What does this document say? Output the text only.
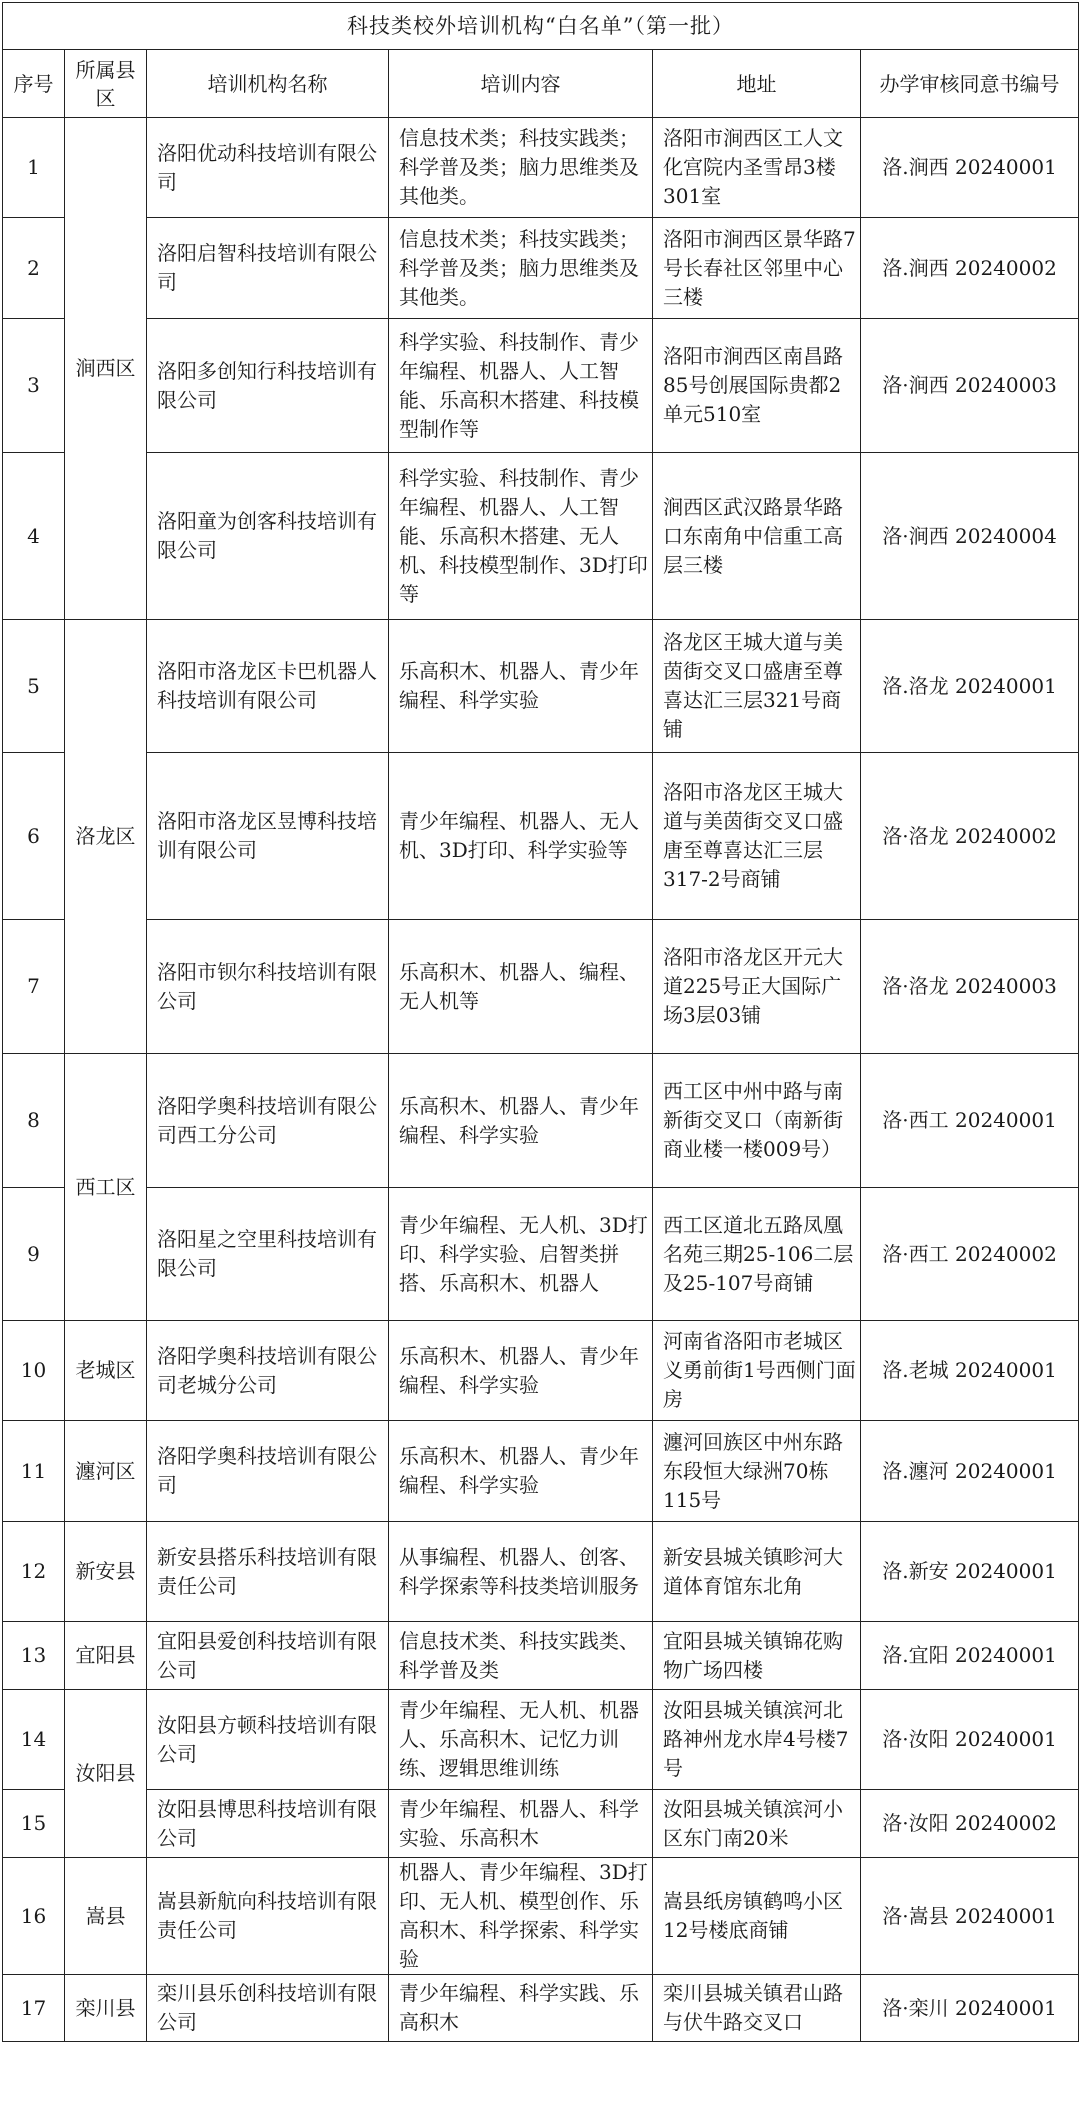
科技类校外培训机构“白名单”（第一批）					
序号	所属县区	培训机构名称	培训内容	地址	办学审核同意书编号
1	涧西区	洛阳优动科技培训有限公司	信息技术类；科技实践类；科学普及类；脑力思维类及其他类。	洛阳市涧西区工人文化宫院内圣雪昂3楼301室	洛.涧西 20240001
2		洛阳启智科技培训有限公司	信息技术类；科技实践类；科学普及类；脑力思维类及其他类。	洛阳市涧西区景华路7号长春社区邻里中心三楼	洛.涧西 20240002
3		洛阳多创知行科技培训有限公司	科学实验、科技制作、青少年编程、机器人、人工智能、乐高积木搭建、科技模型制作等	洛阳市涧西区南昌路85号创展国际贵都2单元510室	洛·涧西 20240003
4		洛阳童为创客科技培训有限公司	科学实验、科技制作、青少年编程、机器人、人工智能、乐高积木搭建、无人机、科技模型制作、3D打印等	涧西区武汉路景华路口东南角中信重工高层三楼	洛·涧西 20240004
5	洛龙区	洛阳市洛龙区卡巴机器人科技培训有限公司	乐高积木、机器人、青少年编程、科学实验	洛龙区王城大道与美茵街交叉口盛唐至尊喜达汇三层321号商铺	洛.洛龙 20240001
6		洛阳市洛龙区昱博科技培训有限公司	青少年编程、机器人、无人机、3D打印、科学实验等	洛阳市洛龙区王城大道与美茵街交叉口盛唐至尊喜达汇三层317-2号商铺	洛·洛龙 20240002
7		洛阳市钡尔科技培训有限公司	乐高积木、机器人、编程、无人机等	洛阳市洛龙区开元大道225号正大国际广场3层03铺	洛·洛龙 20240003
8	西工区	洛阳学奥科技培训有限公司西工分公司	乐高积木、机器人、青少年编程、科学实验	西工区中州中路与南新街交叉口（南新街商业楼一楼009号）	洛·西工 20240001
9		洛阳星之空里科技培训有限公司	青少年编程、无人机、3D打印、科学实验、启智类拼搭、乐高积木、机器人	西工区道北五路凤凰名苑三期25-106二层及25-107号商铺	洛·西工 20240002
10	老城区	洛阳学奥科技培训有限公司老城分公司	乐高积木、机器人、青少年编程、科学实验	河南省洛阳市老城区义勇前街1号西侧门面房	洛.老城 20240001
11	瀍河区	洛阳学奥科技培训有限公司	乐高积木、机器人、青少年编程、科学实验	瀍河回族区中州东路东段恒大绿洲70栋115号	洛.瀍河 20240001
12	新安县	新安县搭乐科技培训有限责任公司	从事编程、机器人、创客、科学探索等科技类培训服务	新安县城关镇畛河大道体育馆东北角	洛.新安 20240001
13	宜阳县	宜阳县爱创科技培训有限公司	信息技术类、科技实践类、科学普及类	宜阳县城关镇锦花购物广场四楼	洛.宜阳 20240001
14	汝阳县	汝阳县方顿科技培训有限公司	青少年编程、无人机、机器人、乐高积木、记忆力训练、逻辑思维训练	汝阳县城关镇滨河北路神州龙水岸4号楼7号	洛·汝阳 20240001
15		汝阳县博思科技培训有限公司	青少年编程、机器人、科学实验、乐高积木	汝阳县城关镇滨河小区东门南20米	洛·汝阳 20240002
16	嵩县	嵩县新航向科技培训有限责任公司	机器人、青少年编程、3D打印、无人机、模型创作、乐高积木、科学探索、科学实验	嵩县纸房镇鹤鸣小区12号楼底商铺	洛·嵩县 20240001
17	栾川县	栾川县乐创科技培训有限公司	青少年编程、科学实践、乐高积木	栾川县城关镇君山路与伏牛路交叉口	洛·栾川 20240001
